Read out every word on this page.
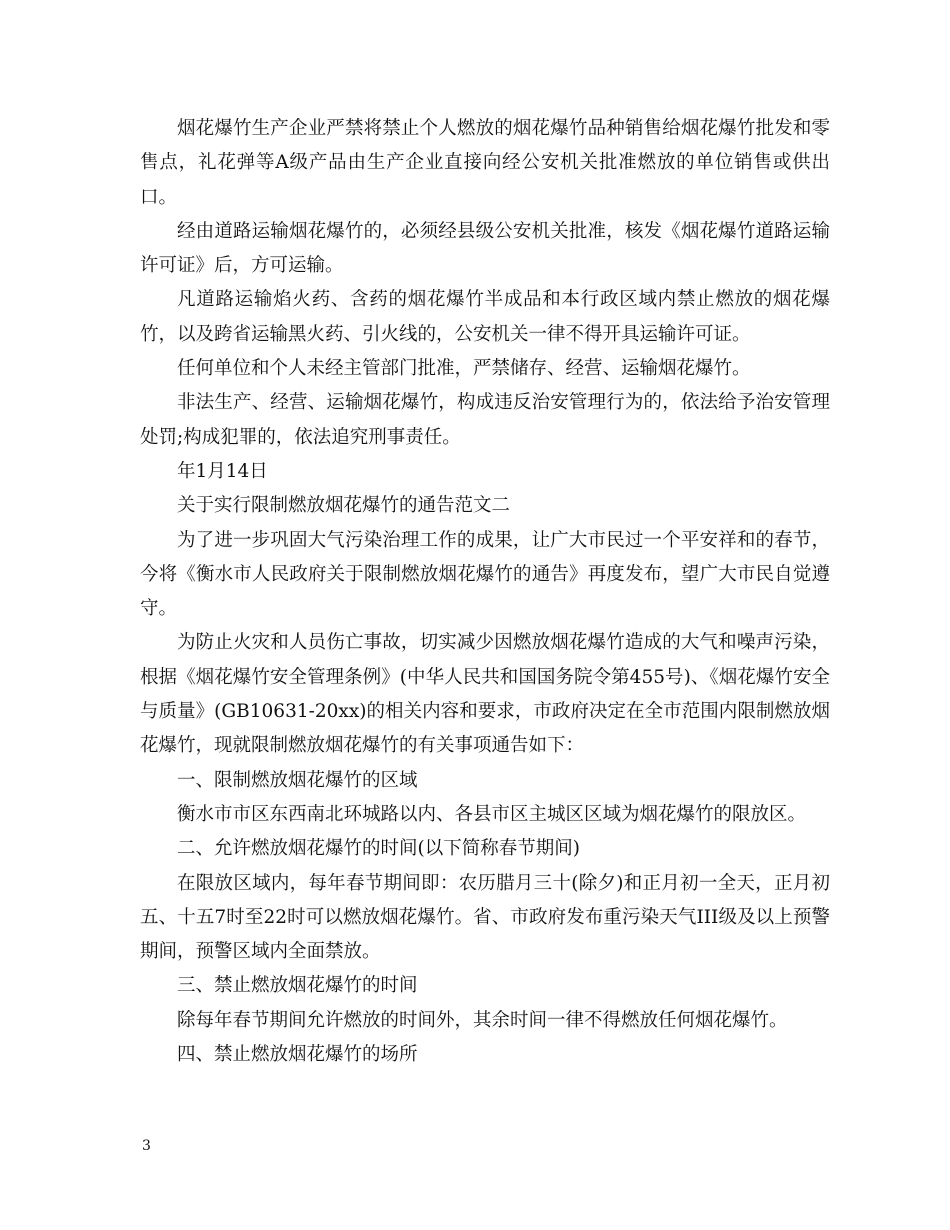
烟花爆竹生产企业严禁将禁止个人燃放的烟花爆竹品种销售给烟花爆竹批发和零售点，礼花弹等A级产品由生产企业直接向经公安机关批准燃放的单位销售或供出口。

经由道路运输烟花爆竹的，必须经县级公安机关批准，核发《烟花爆竹道路运输许可证》后，方可运输。

凡道路运输焰火药、含药的烟花爆竹半成品和本行政区域内禁止燃放的烟花爆竹，以及跨省运输黑火药、引火线的，公安机关一律不得开具运输许可证。

任何单位和个人未经主管部门批准，严禁储存、经营、运输烟花爆竹。

非法生产、经营、运输烟花爆竹，构成违反治安管理行为的，依法给予治安管理处罚;构成犯罪的，依法追究刑事责任。

年1月14日

关于实行限制燃放烟花爆竹的通告范文二

为了进一步巩固大气污染治理工作的成果，让广大市民过一个平安祥和的春节，今将《衡水市人民政府关于限制燃放烟花爆竹的通告》再度发布，望广大市民自觉遵守。

为防止火灾和人员伤亡事故，切实减少因燃放烟花爆竹造成的大气和噪声污染，根据《烟花爆竹安全管理条例》(中华人民共和国国务院令第455号)、《烟花爆竹安全与质量》(GB10631-20xx)的相关内容和要求，市政府决定在全市范围内限制燃放烟花爆竹，现就限制燃放烟花爆竹的有关事项通告如下：

一、限制燃放烟花爆竹的区域

衡水市市区东西南北环城路以内、各县市区主城区区域为烟花爆竹的限放区。

二、允许燃放烟花爆竹的时间(以下简称春节期间)

在限放区域内，每年春节期间即：农历腊月三十(除夕)和正月初一全天，正月初五、十五7时至22时可以燃放烟花爆竹。省、市政府发布重污染天气III级及以上预警期间，预警区域内全面禁放。

三、禁止燃放烟花爆竹的时间

除每年春节期间允许燃放的时间外，其余时间一律不得燃放任何烟花爆竹。

四、禁止燃放烟花爆竹的场所

3
